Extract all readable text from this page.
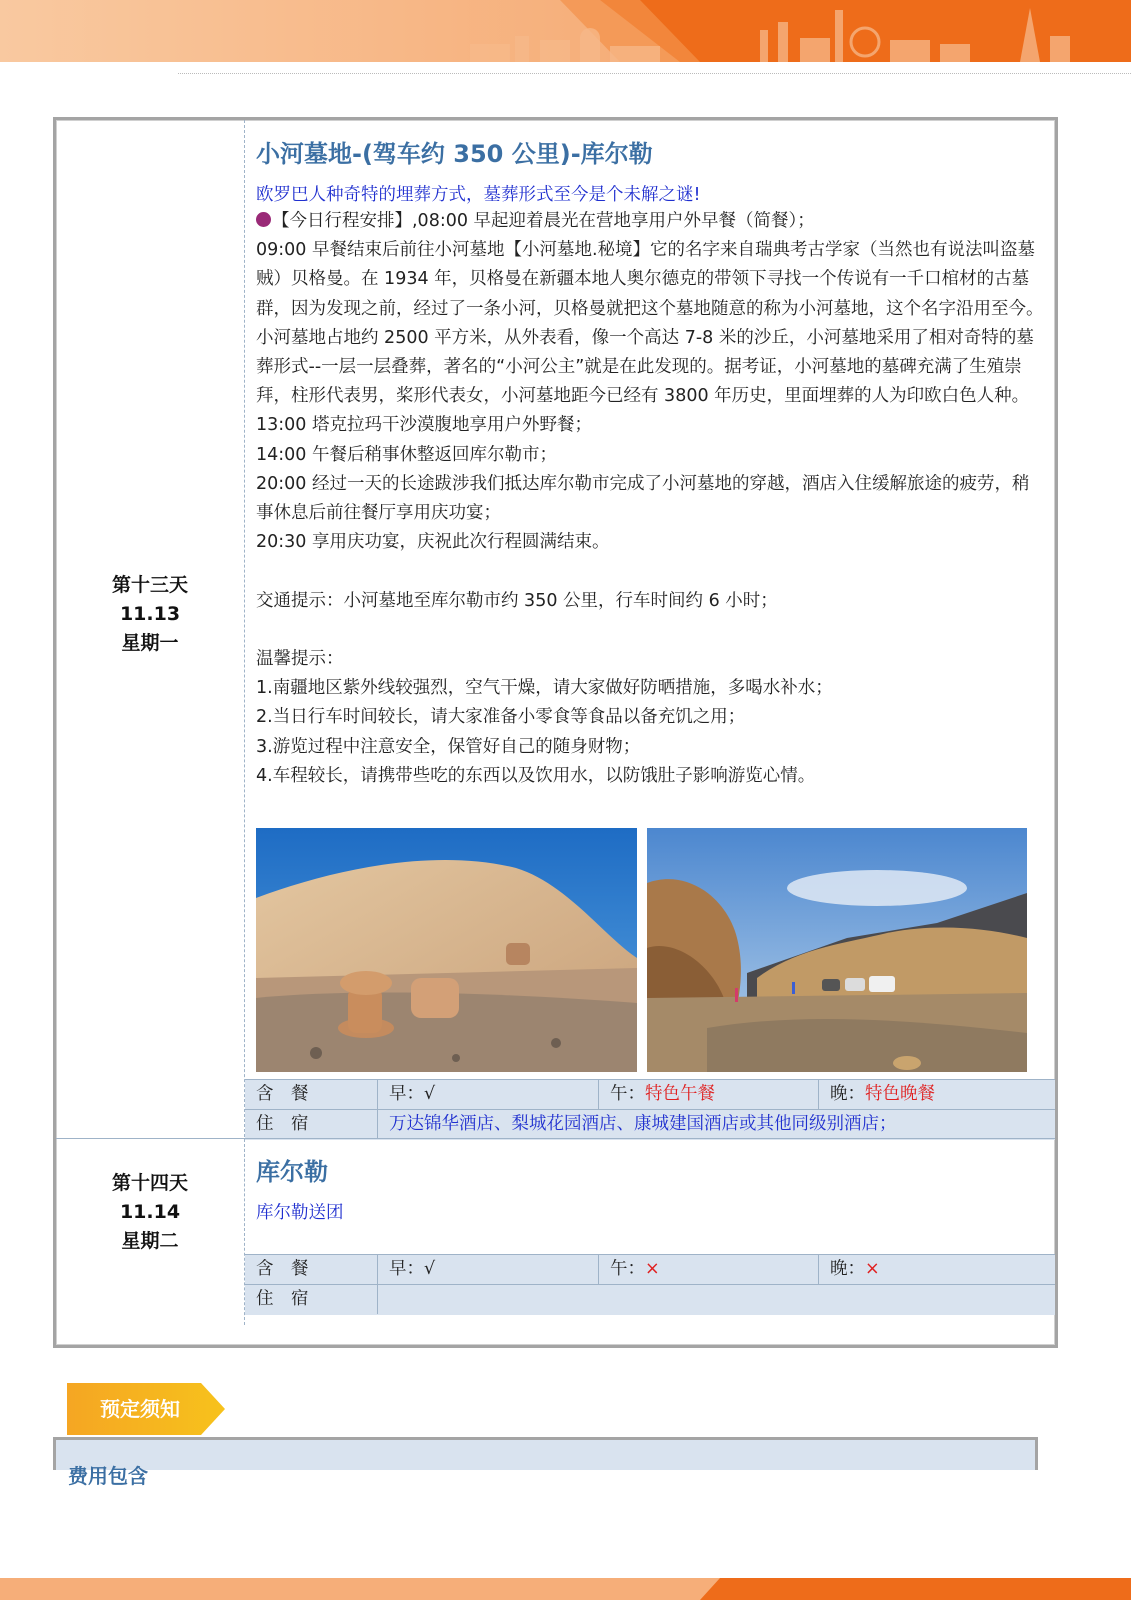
第十三天
11.13
星期一
小河墓地-(驾车约 350 公里)-库尔勒
欧罗巴人种奇特的埋葬方式，墓葬形式至今是个未解之谜!
【今日行程安排】,08:00 早起迎着晨光在营地享用户外早餐（简餐）；
09:00 早餐结束后前往小河墓地【小河墓地.秘境】它的名字来自瑞典考古学家（当然也有说法叫盗墓贼）贝格曼。在 1934 年，贝格曼在新疆本地人奥尔德克的带领下寻找一个传说有一千口棺材的古墓群，因为发现之前，经过了一条小河，贝格曼就把这个墓地随意的称为小河墓地，这个名字沿用至今。小河墓地占地约 2500 平方米，从外表看，像一个高达 7-8 米的沙丘，小河墓地采用了相对奇特的墓葬形式--一层一层叠葬，著名的“小河公主”就是在此发现的。据考证，小河墓地的墓碑充满了生殖崇拜，柱形代表男，桨形代表女，小河墓地距今已经有 3800 年历史，里面埋葬的人为印欧白色人种。
13:00 塔克拉玛干沙漠腹地享用户外野餐；
14:00 午餐后稍事休整返回库尔勒市；
20:00 经过一天的长途跋涉我们抵达库尔勒市完成了小河墓地的穿越，酒店入住缓解旅途的疲劳，稍事休息后前往餐厅享用庆功宴；
20:30 享用庆功宴，庆祝此次行程圆满结束。
交通提示：小河墓地至库尔勒市约 350 公里，行车时间约 6 小时；
温馨提示：
1.南疆地区紫外线较强烈，空气干燥，请大家做好防晒措施，多喝水补水；
2.当日行车时间较长，请大家准备小零食等食品以备充饥之用；
3.游览过程中注意安全，保管好自己的随身财物；
4.车程较长，请携带些吃的东西以及饮用水，以防饿肚子影响游览心情。
含　餐	早：√	午：特色午餐	晚：特色晚餐
住　宿	万达锦华酒店、梨城花园酒店、康城建国酒店或其他同级别酒店；
第十四天
11.14
星期二
库尔勒
库尔勒送团
含　餐	早：√	午：×	晚：×
住　宿
预定须知
费用包含
